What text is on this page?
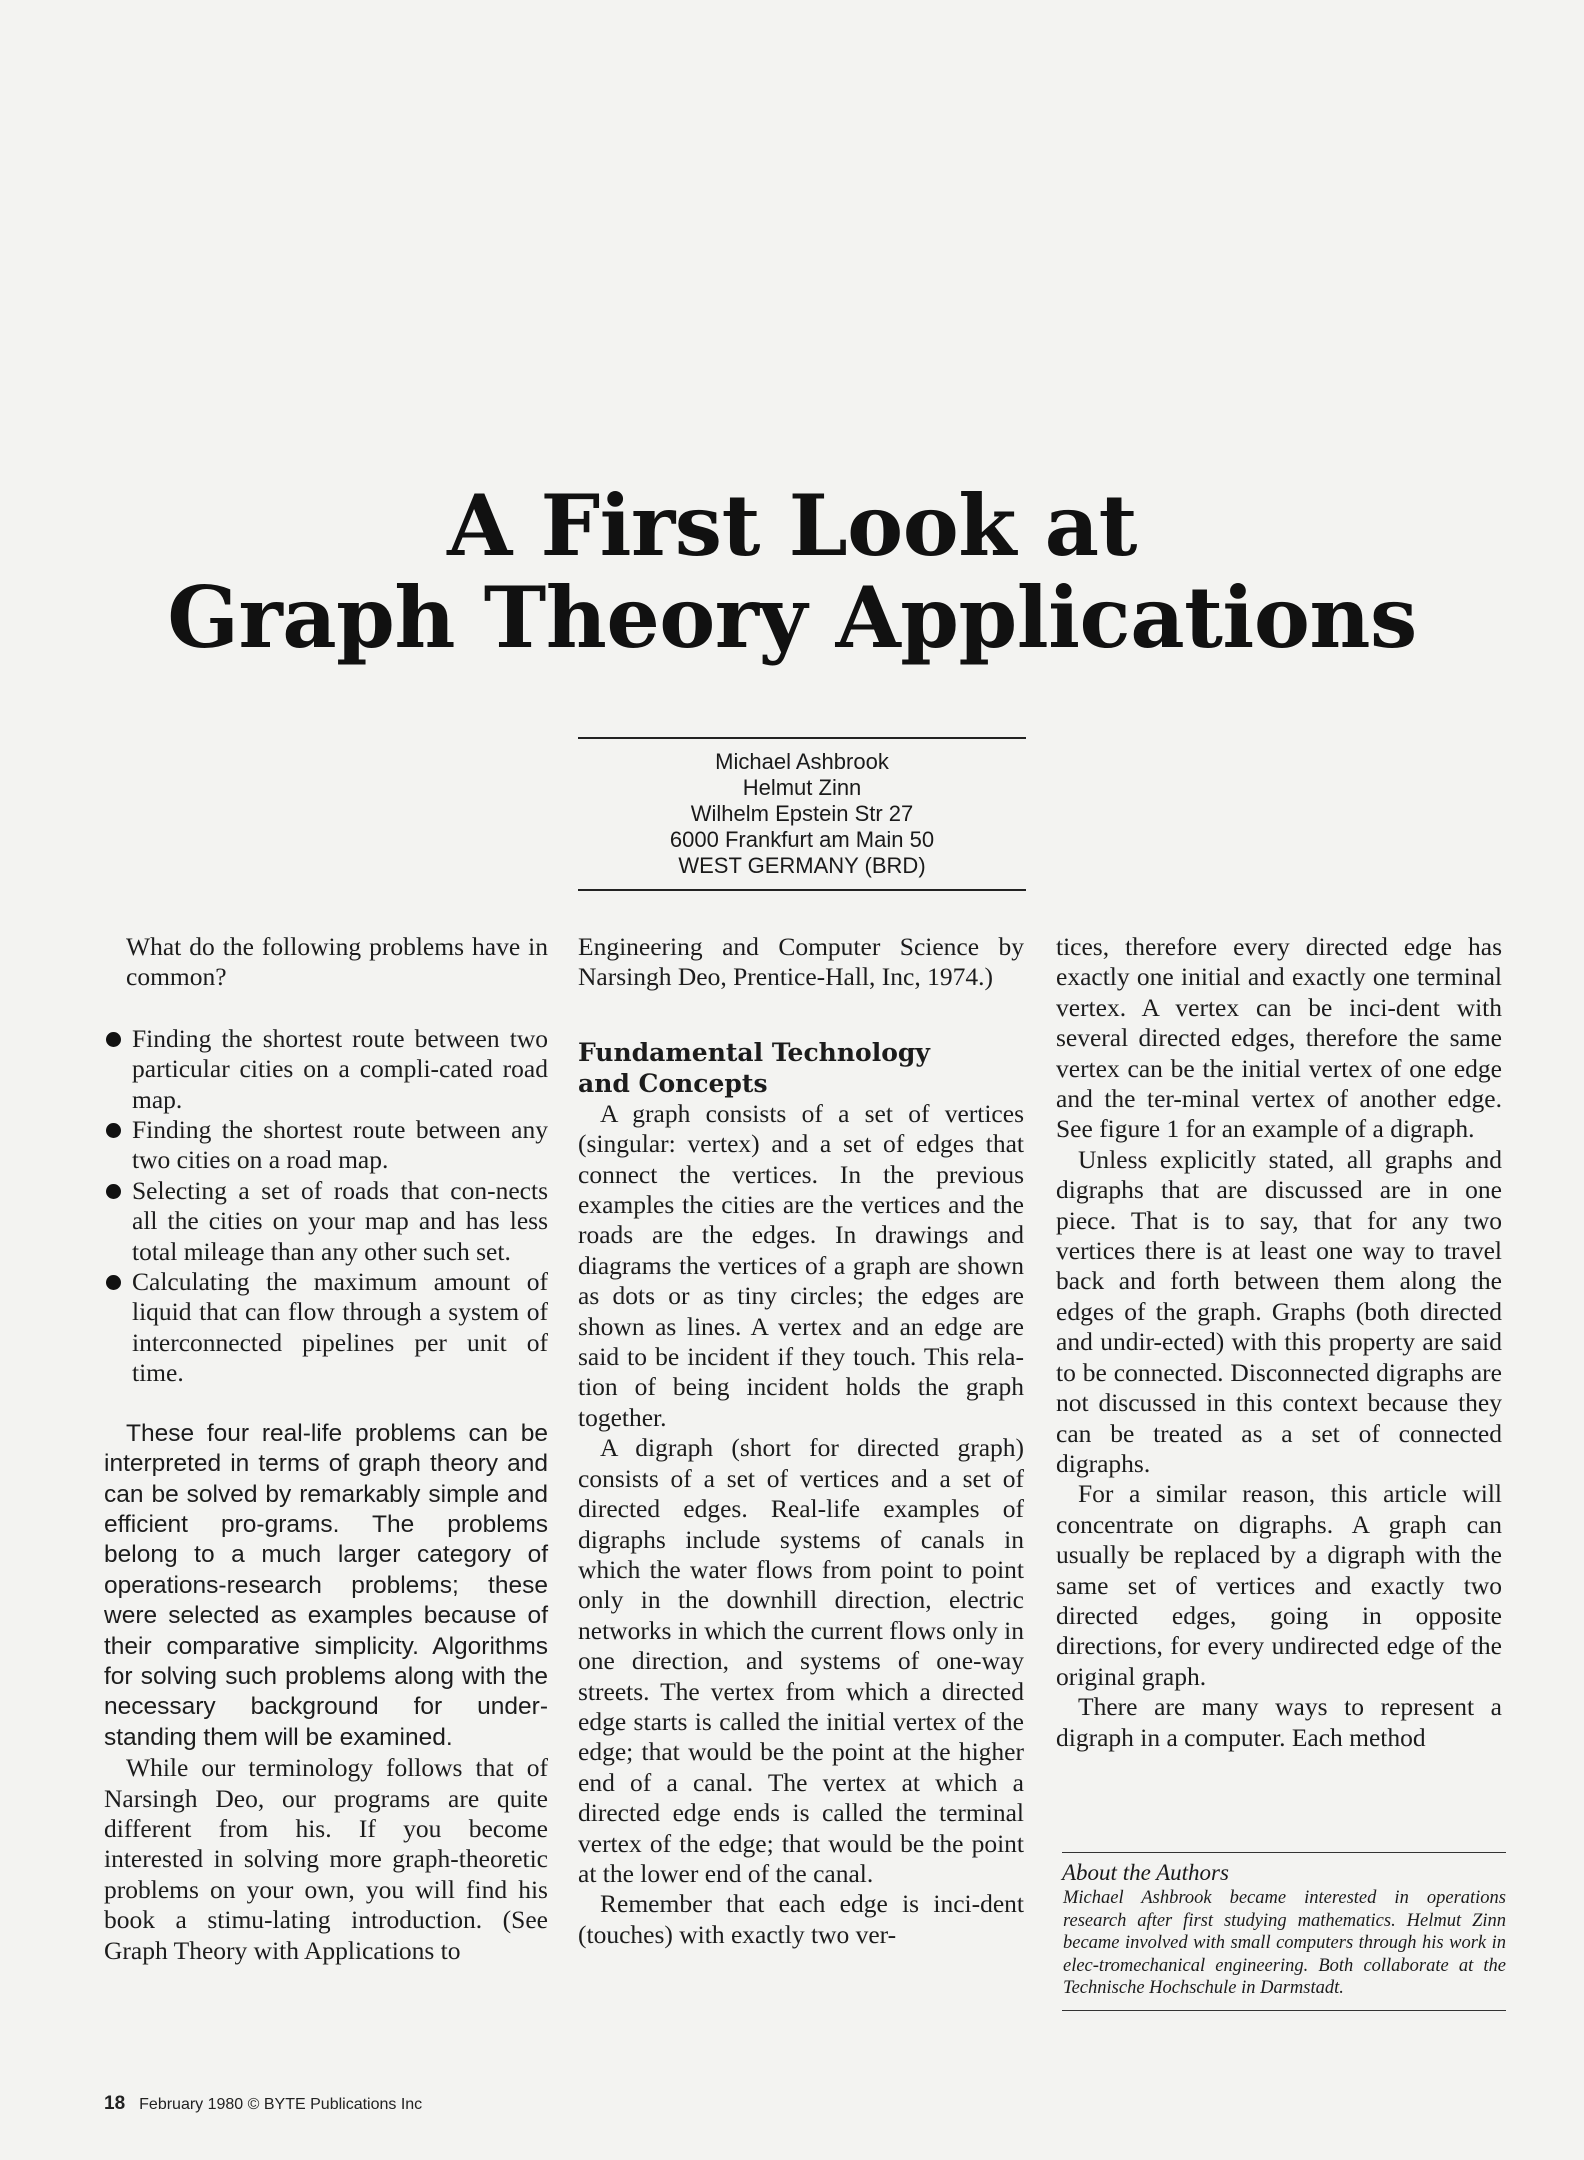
A First Look at
Graph Theory Applications
Michael Ashbrook
Helmut Zinn
Wilhelm Epstein Str 27
6000 Frankfurt am Main 50
WEST GERMANY (BRD)

What do the following problems have in common?

Finding the shortest route between two particular cities on a compli-cated road map.
Finding the shortest route between any two cities on a road map.
Selecting a set of roads that con-nects all the cities on your map and has less total mileage than any other such set.
Calculating the maximum amount of liquid that can flow through a system of interconnected pipelines per unit of time.

These four real-life problems can be interpreted in terms of graph theory and can be solved by remarkably simple and efficient pro-grams. The problems belong to a much larger category of operations-research problems; these were selected as examples because of their comparative simplicity. Algorithms for solving such problems along with the necessary background for under-standing them will be examined.

While our terminology follows that of Narsingh Deo, our programs are quite different from his. If you become interested in solving more graph-theoretic problems on your own, you will find his book a stimu-lating introduction. (See Graph Theory with Applications to

Engineering and Computer Science by Narsingh Deo, Prentice-Hall, Inc, 1974.)

Fundamental Technology
and Concepts

A graph consists of a set of vertices (singular: vertex) and a set of edges that connect the vertices. In the previous examples the cities are the vertices and the roads are the edges. In drawings and diagrams the vertices of a graph are shown as dots or as tiny circles; the edges are shown as lines. A vertex and an edge are said to be incident if they touch. This rela-tion of being incident holds the graph together.

A digraph (short for directed graph) consists of a set of vertices and a set of directed edges. Real-life examples of digraphs include systems of canals in which the water flows from point to point only in the downhill direction, electric networks in which the current flows only in one direction, and systems of one-way streets. The vertex from which a directed edge starts is called the initial vertex of the edge; that would be the point at the higher end of a canal. The vertex at which a directed edge ends is called the terminal vertex of the edge; that would be the point at the lower end of the canal.

Remember that each edge is inci-dent (touches) with exactly two ver-

tices, therefore every directed edge has exactly one initial and exactly one terminal vertex. A vertex can be inci-dent with several directed edges, therefore the same vertex can be the initial vertex of one edge and the ter-minal vertex of another edge. See figure 1 for an example of a digraph.

Unless explicitly stated, all graphs and digraphs that are discussed are in one piece. That is to say, that for any two vertices there is at least one way to travel back and forth between them along the edges of the graph. Graphs (both directed and undir-ected) with this property are said to be connected. Disconnected digraphs are not discussed in this context because they can be treated as a set of connected digraphs.

For a similar reason, this article will concentrate on digraphs. A graph can usually be replaced by a digraph with the same set of vertices and exactly two directed edges, going in opposite directions, for every undirected edge of the original graph.

There are many ways to represent a digraph in a computer. Each method

About the Authors
Michael Ashbrook became interested in operations research after first studying mathematics. Helmut Zinn became involved with small computers through his work in elec-tromechanical engineering. Both collaborate at the Technische Hochschule in Darmstadt.
18 February 1980 © BYTE Publications Inc
